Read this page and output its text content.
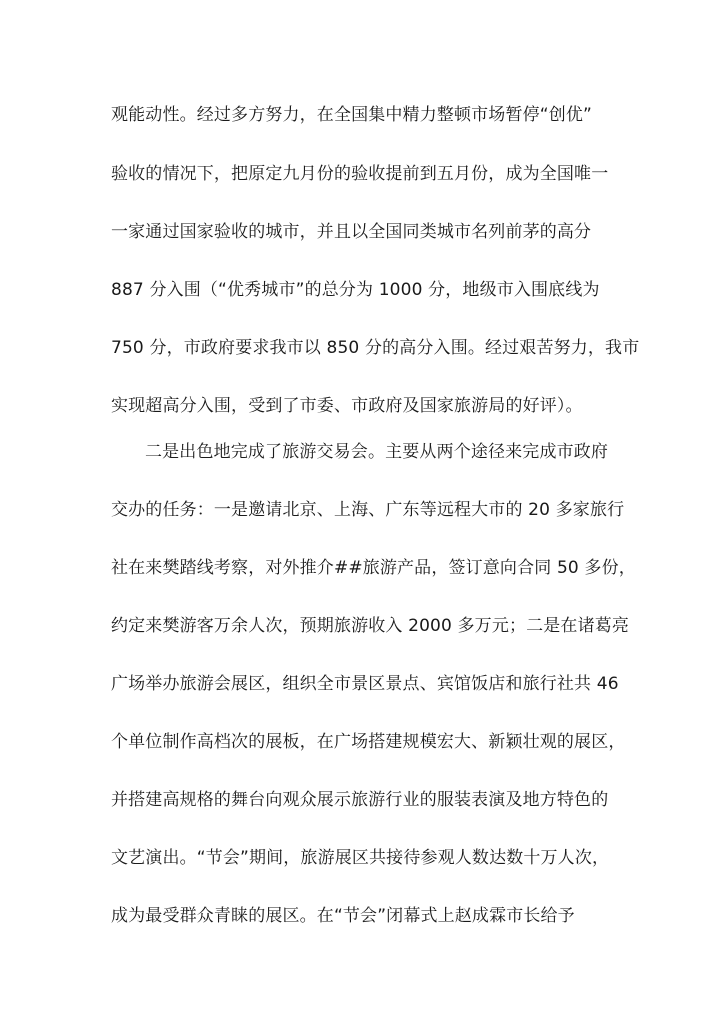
观能动性。经过多方努力，在全国集中精力整顿市场暂停“创优”
验收的情况下，把原定九月份的验收提前到五月份，成为全国唯一
一家通过国家验收的城市，并且以全国同类城市名列前茅的高分
887 分入围（“优秀城市”的总分为 1000 分，地级市入围底线为
750 分，市政府要求我市以 850 分的高分入围。经过艰苦努力，我市
实现超高分入围，受到了市委、市政府及国家旅游局的好评）。
二是出色地完成了旅游交易会。主要从两个途径来完成市政府
交办的任务：一是邀请北京、上海、广东等远程大市的 20 多家旅行
社在来樊踏线考察，对外推介##旅游产品，签订意向合同 50 多份，
约定来樊游客万余人次，预期旅游收入 2000 多万元；二是在诸葛亮
广场举办旅游会展区，组织全市景区景点、宾馆饭店和旅行社共 46
个单位制作高档次的展板，在广场搭建规模宏大、新颖壮观的展区，
并搭建高规格的舞台向观众展示旅游行业的服装表演及地方特色的
文艺演出。“节会”期间，旅游展区共接待参观人数达数十万人次，
成为最受群众青睐的展区。在“节会”闭幕式上赵成霖市长给予
